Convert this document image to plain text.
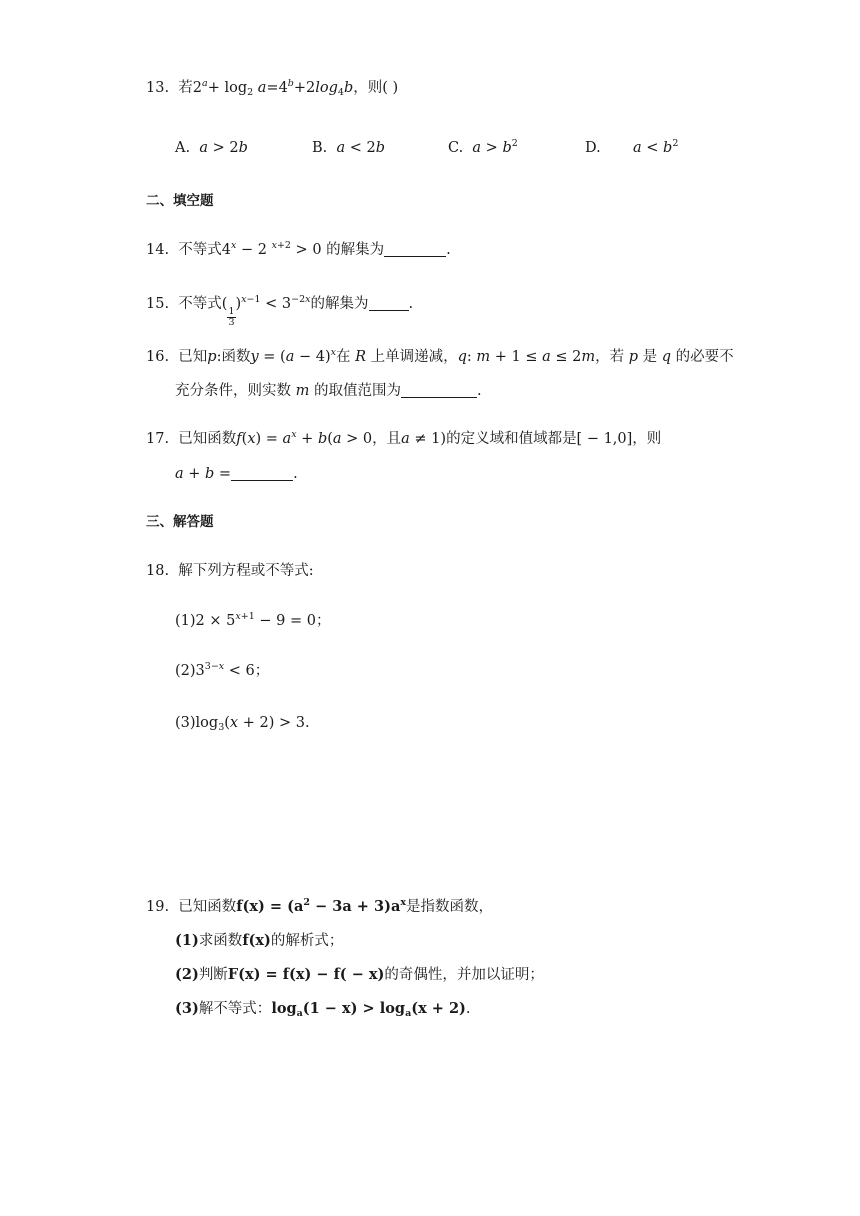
13. 若$2^a+ \log_2 a=4^b+2\log_4b$，则( )
A. a > 2b	B. a < 2b	C. $a > b^2$	D. $a < b^2$
二、填空题
14. 不等式$4^x - 2$ $^{x+2}$ > 0 的解集为	.
15. 不等式(
$\frac{1}{3}$
)$^{x-1} < 3^{-2x}$的解集为	.
16. 已知p:函数$y = (a - 4)^x$在 R 上单调递减，q: m + 1 ≤ a ≤ 2m，若 p 是 q 的必要不
充分条件，则实数 m 的取值范围为	.
17. 已知函数$f(x) = a^x + b(a > 0$，且a ≠ 1)的定义域和值域都是[ − 1,0]，则
a + b =	.
三、解答题
18. 解下列方程或不等式:
$(1)2 \times 5^{x+1} - 9 = 0$；
$(2)3^{3-x} < 6$；
$(3)\log_3(x + 2) > 3$.
19. 已知函数$f(x) = (a^2 - 3a + 3)a^x$是指数函数，
(1)求函数f(x)的解析式；
(2)判断F(x) = f(x) − f( − x)的奇偶性，并加以证明；
(3)解不等式：$\log_a(1 - x) > \log_a(x + 2)$.
